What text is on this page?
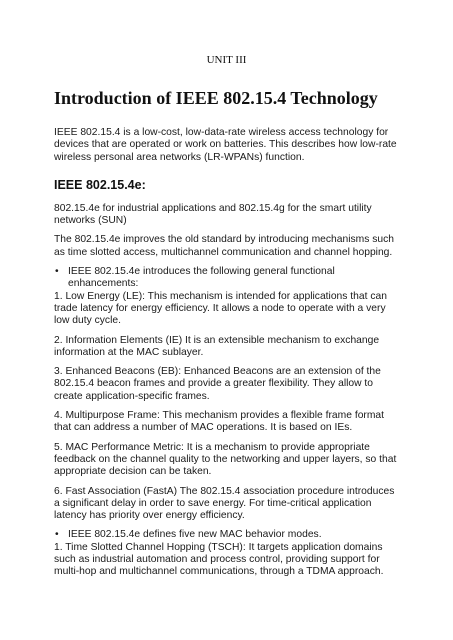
UNIT III
Introduction of IEEE 802.15.4 Technology

IEEE 802.15.4 is a low-cost, low-data-rate wireless access technology for devices that are operated or work on batteries. This describes how low-rate wireless personal area networks (LR-WPANs) function.

IEEE 802.15.4e:

802.15.4e for industrial applications and 802.15.4g for the smart utility networks (SUN)

The 802.15.4e improves the old standard by introducing mechanisms such as time slotted access, multichannel communication and channel hopping.

• IEEE 802.15.4e introduces the following general functional enhancements:

1. Low Energy (LE): This mechanism is intended for applications that can trade latency for energy efficiency. It allows a node to operate with a very low duty cycle.

2. Information Elements (IE) It is an extensible mechanism to exchange information at the MAC sublayer.

3. Enhanced Beacons (EB): Enhanced Beacons are an extension of the 802.15.4 beacon frames and provide a greater flexibility. They allow to create application-specific frames.

4. Multipurpose Frame: This mechanism provides a flexible frame format that can address a number of MAC operations. It is based on IEs.

5. MAC Performance Metric: It is a mechanism to provide appropriate feedback on the channel quality to the networking and upper layers, so that appropriate decision can be taken.

6. Fast Association (FastA) The 802.15.4 association procedure introduces a significant delay in order to save energy. For time-critical application latency has priority over energy efficiency.

• IEEE 802.15.4e defines five new MAC behavior modes.

1. Time Slotted Channel Hopping (TSCH): It targets application domains such as industrial automation and process control, providing support for multi-hop and multichannel communications, through a TDMA approach.
